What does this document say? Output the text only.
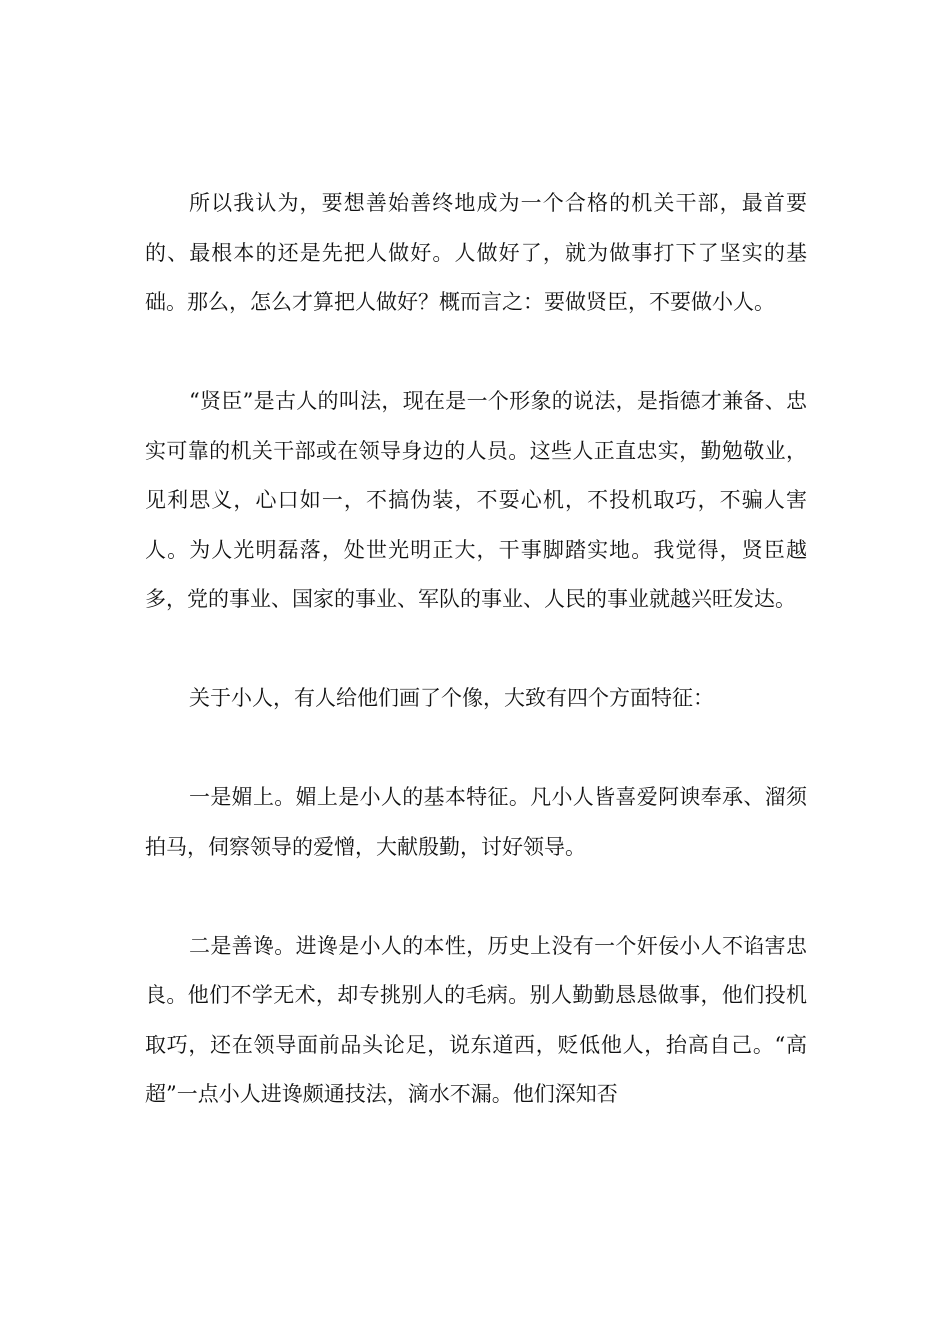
所以我认为，要想善始善终地成为一个合格的机关干部，最首要的、最根本的还是先把人做好。人做好了，就为做事打下了坚实的基础。那么，怎么才算把人做好？概而言之：要做贤臣，不要做小人。

“贤臣”是古人的叫法，现在是一个形象的说法，是指德才兼备、忠实可靠的机关干部或在领导身边的人员。这些人正直忠实，勤勉敬业，见利思义，心口如一，不搞伪装，不耍心机，不投机取巧，不骗人害人。为人光明磊落，处世光明正大，干事脚踏实地。我觉得，贤臣越多，党的事业、国家的事业、军队的事业、人民的事业就越兴旺发达。

关于小人，有人给他们画了个像，大致有四个方面特征：

一是媚上。媚上是小人的基本特征。凡小人皆喜爱阿谀奉承、溜须拍马，伺察领导的爱憎，大献殷勤，讨好领导。

二是善谗。进谗是小人的本性，历史上没有一个奸佞小人不谄害忠良。他们不学无术，却专挑别人的毛病。别人勤勤恳恳做事，他们投机取巧，还在领导面前品头论足，说东道西，贬低他人，抬高自己。“高超”一点小人进谗颇通技法，滴水不漏。他们深知否
